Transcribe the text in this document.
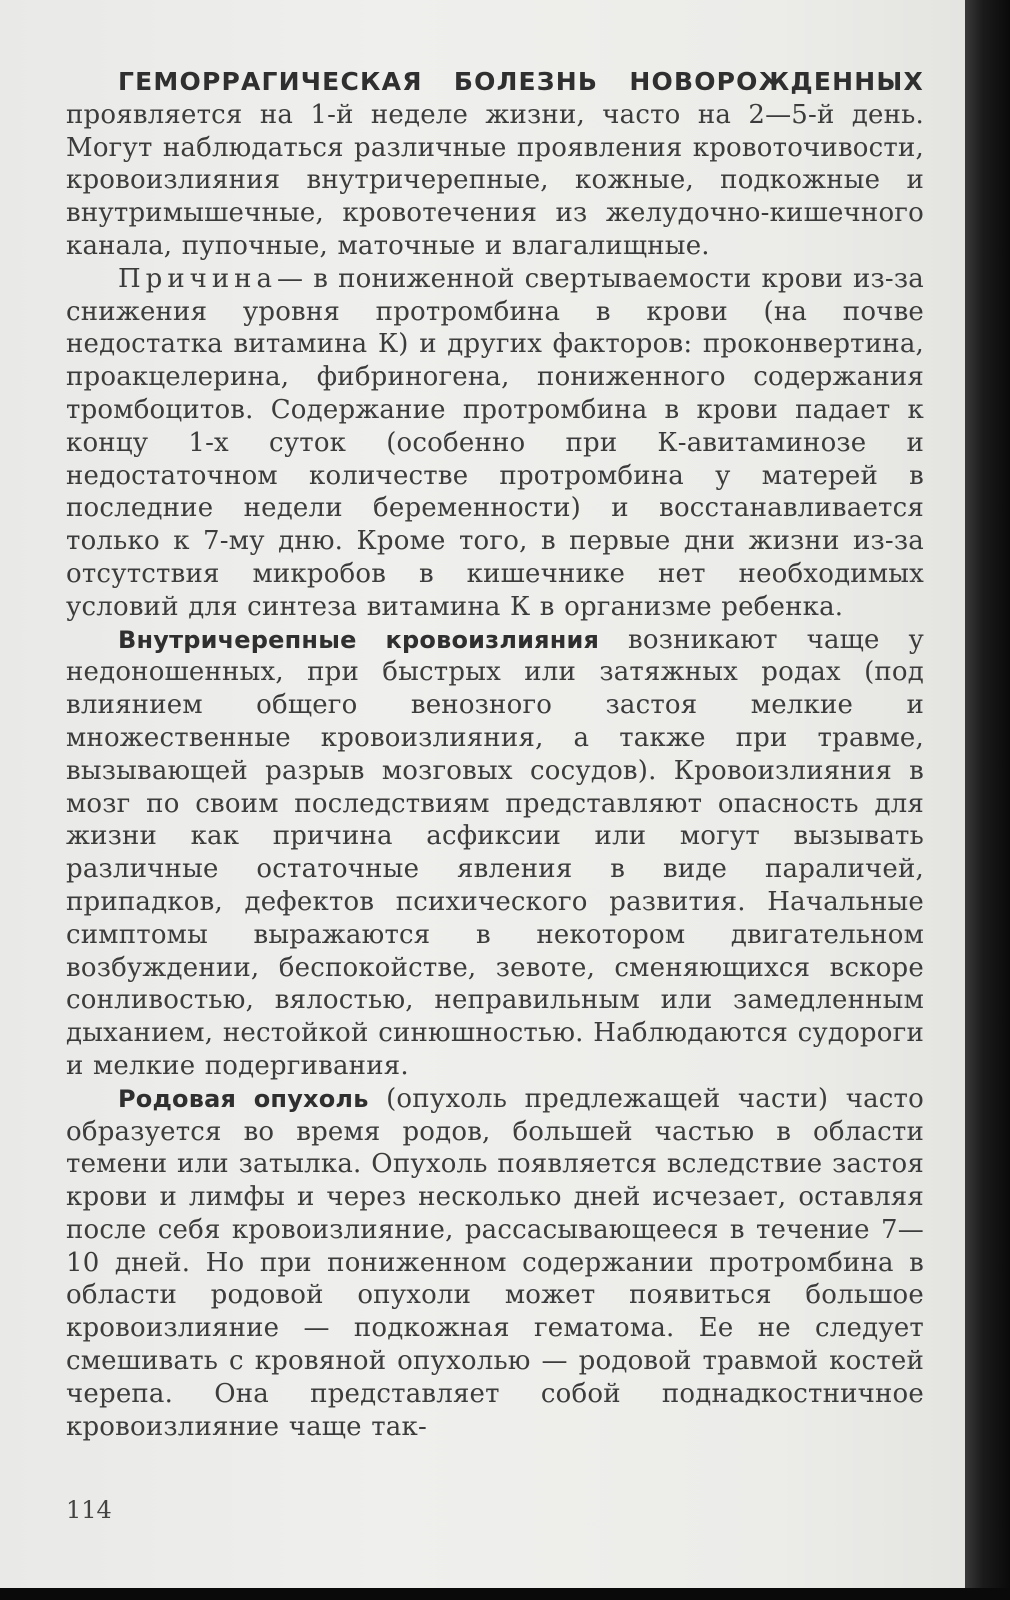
ГЕМОРРАГИЧЕСКАЯ БОЛЕЗНЬ НОВОРОЖДЕННЫХ проявляется на 1-й неделе жизни, часто на 2—5-й день. Могут наблюдаться различные проявления кровоточивости, кровоизлияния внутричерепные, кожные, подкожные и внутримышечные, кровотечения из желудочно-кишечного канала, пупочные, маточные и влагалищные.

Причина— в пониженной свертываемости крови из-за снижения уровня протромбина в крови (на почве недостатка витамина К) и других факторов: проконвертина, проакцелерина, фибриногена, пониженного содержания тромбоцитов. Содержание протромбина в крови падает к концу 1-х суток (особенно при К-авитаминозе и недостаточном количестве протромбина у матерей в последние недели беременности) и восстанавливается только к 7-му дню. Кроме того, в первые дни жизни из-за отсутствия микробов в кишечнике нет необходимых условий для синтеза витамина К в организме ребенка.

Внутричерепные кровоизлияния возникают чаще у недоношенных, при быстрых или затяжных родах (под влиянием общего венозного застоя мелкие и множественные кровоизлияния, а также при травме, вызывающей разрыв мозговых сосудов). Кровоизлияния в мозг по своим последствиям представляют опасность для жизни как причина асфиксии или могут вызывать различные остаточные явления в виде параличей, припадков, дефектов психического развития. Начальные симптомы выражаются в некотором двигательном возбуждении, беспокойстве, зевоте, сменяющихся вскоре сонливостью, вялостью, неправильным или замедленным дыханием, нестойкой синюшностью. Наблюдаются судороги и мелкие подергивания.

Родовая опухоль (опухоль предлежащей части) часто образуется во время родов, большей частью в области темени или затылка. Опухоль появляется вследствие застоя крови и лимфы и через несколько дней исчезает, оставляя после себя кровоизлияние, рассасывающееся в течение 7—10 дней. Но при пониженном содержании протромбина в области родовой опухоли может появиться большое кровоизлияние — подкожная гематома. Ее не следует смешивать с кровяной опухолью — родовой травмой костей черепа. Она представляет собой поднадкостничное кровоизлияние чаще так-

114
